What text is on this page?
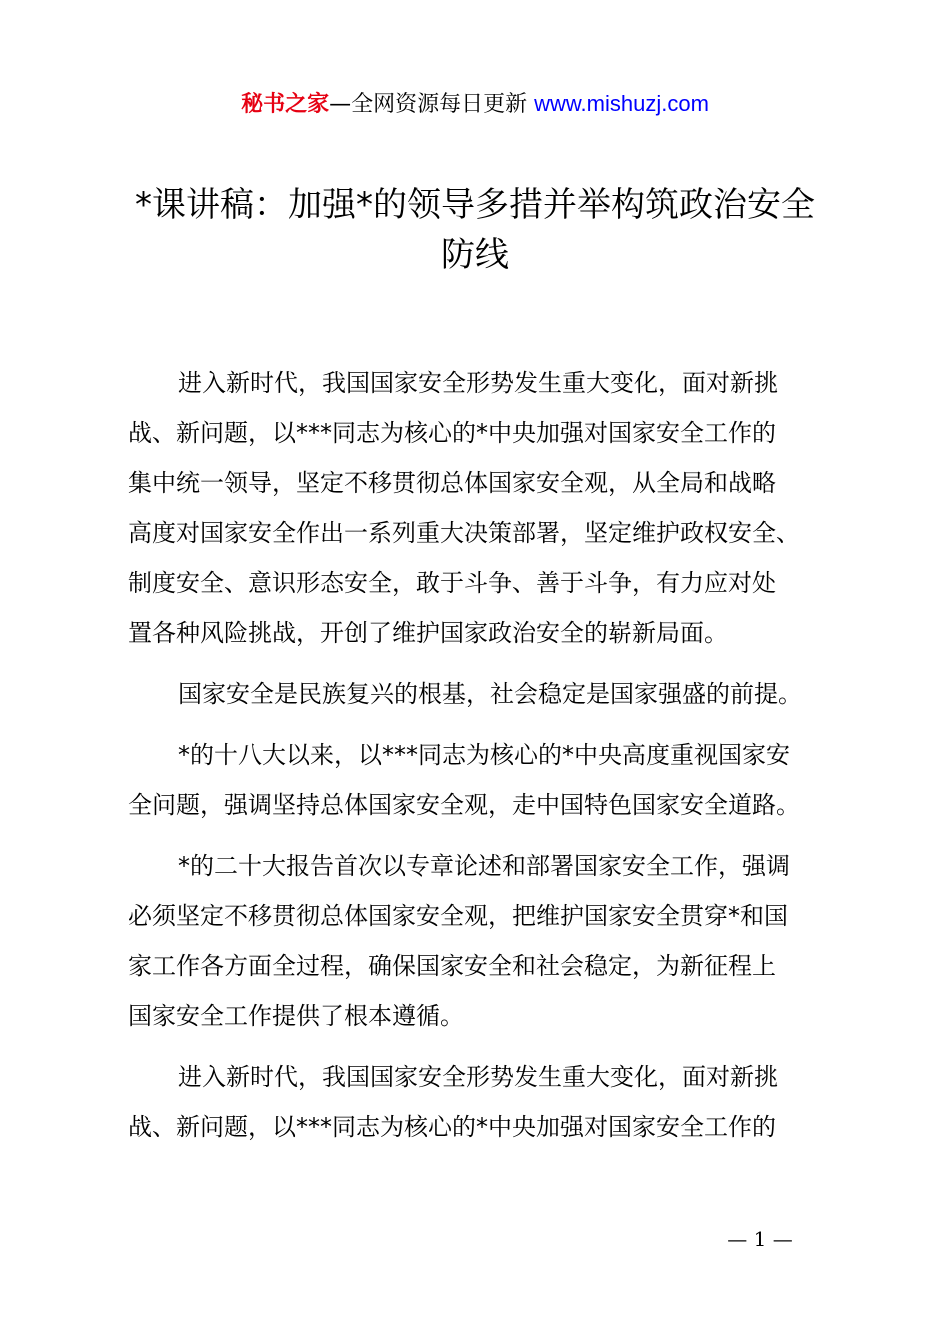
秘书之家—全网资源每日更新 www.mishuzj.com
*课讲稿：加强*的领导多措并举构筑政治安全
防线

进入新时代，我国国家安全形势发生重大变化，面对新挑
战、新问题，以***同志为核心的*中央加强对国家安全工作的
集中统一领导，坚定不移贯彻总体国家安全观，从全局和战略
高度对国家安全作出一系列重大决策部署，坚定维护政权安全、
制度安全、意识形态安全，敢于斗争、善于斗争，有力应对处
置各种风险挑战，开创了维护国家政治安全的崭新局面。

国家安全是民族复兴的根基，社会稳定是国家强盛的前提。

*的十八大以来，以***同志为核心的*中央高度重视国家安
全问题，强调坚持总体国家安全观，走中国特色国家安全道路。

*的二十大报告首次以专章论述和部署国家安全工作，强调
必须坚定不移贯彻总体国家安全观，把维护国家安全贯穿*和国
家工作各方面全过程，确保国家安全和社会稳定，为新征程上
国家安全工作提供了根本遵循。

进入新时代，我国国家安全形势发生重大变化，面对新挑
战、新问题，以***同志为核心的*中央加强对国家安全工作的

— 1 —
